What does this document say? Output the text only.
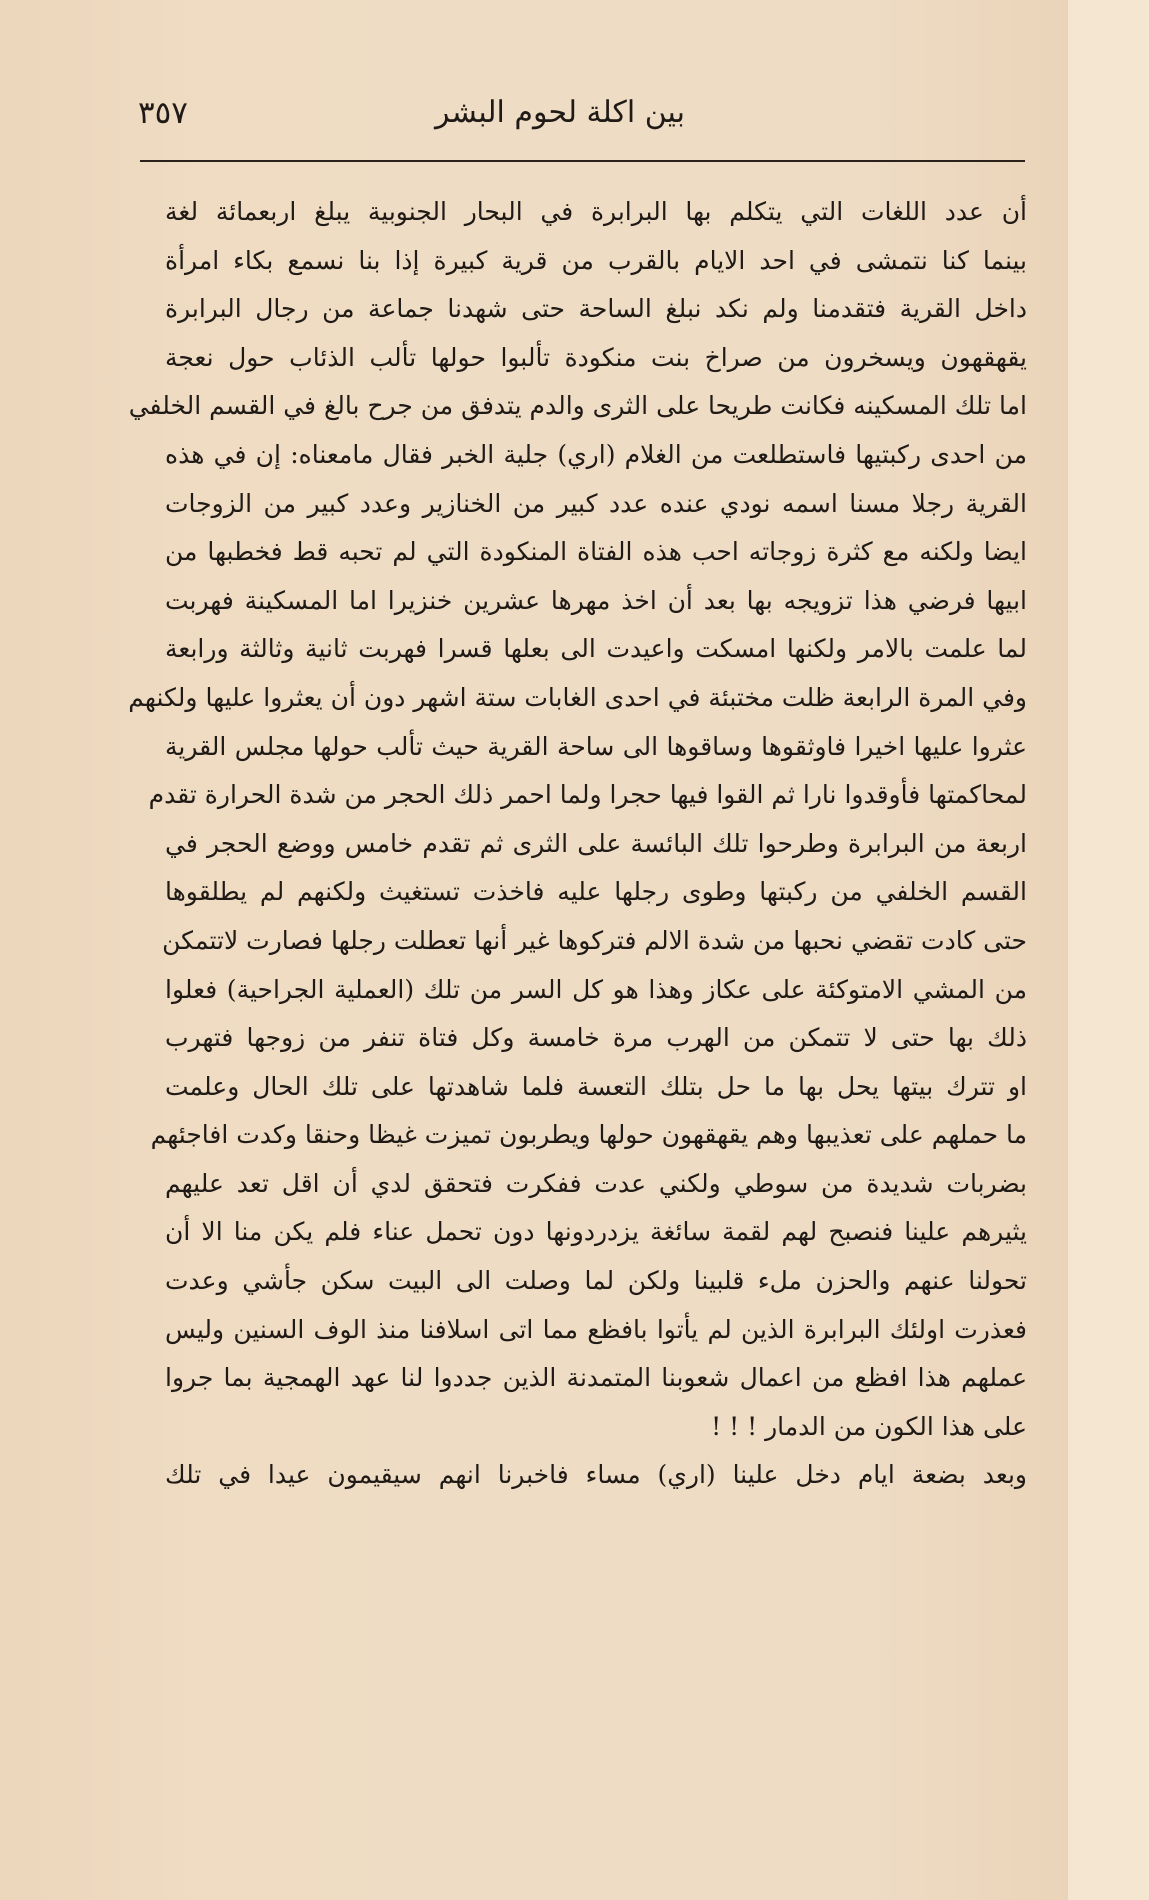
بين اكلة لحوم البشر
٣٥٧
أن عدد اللغات التي يتكلم بها البرابرة في البحار الجنوبية يبلغ اربعمائة لغة
بينما كنا نتمشى في احد الايام بالقرب من قرية كبيرة إذا بنا نسمع بكاء امرأة
داخل القرية فتقدمنا ولم نكد نبلغ الساحة حتى شهدنا جماعة من رجال البرابرة
يقهقهون ويسخرون من صراخ بنت منكودة تألبوا حولها تألب الذئاب حول نعجة
اما تلك المسكينه فكانت طريحا على الثرى والدم يتدفق من جرح بالغ في القسم الخلفي
من احدى ركبتيها فاستطلعت من الغلام (اري) جلية الخبر فقال مامعناه: إن في هذه
القرية رجلا مسنا اسمه نودي عنده عدد كبير من الخنازير وعدد كبير من الزوجات
ايضا ولكنه مع كثرة زوجاته احب هذه الفتاة المنكودة التي لم تحبه قط فخطبها من
ابيها فرضي هذا تزويجه بها بعد أن اخذ مهرها عشرين خنزيرا اما المسكينة فهربت
لما علمت بالامر ولكنها امسكت واعيدت الى بعلها قسرا فهربت ثانية وثالثة ورابعة
وفي المرة الرابعة ظلت مختبئة في احدى الغابات ستة اشهر دون أن يعثروا عليها ولكنهم
عثروا عليها اخيرا فاوثقوها وساقوها الى ساحة القرية حيث تألب حولها مجلس القرية
لمحاكمتها فأوقدوا نارا ثم القوا فيها حجرا ولما احمر ذلك الحجر من شدة الحرارة تقدم
اربعة من البرابرة وطرحوا تلك البائسة على الثرى ثم تقدم خامس ووضع الحجر في
القسم الخلفي من ركبتها وطوى رجلها عليه فاخذت تستغيث ولكنهم لم يطلقوها
حتى كادت تقضي نحبها من شدة الالم فتركوها غير أنها تعطلت رجلها فصارت لاتتمكن
من المشي الامتوكئة على عكاز وهذا هو كل السر من تلك (العملية الجراحية) فعلوا
ذلك بها حتى لا تتمكن من الهرب مرة خامسة وكل فتاة تنفر من زوجها فتهرب
او تترك بيتها يحل بها ما حل بتلك التعسة فلما شاهدتها على تلك الحال وعلمت
ما حملهم على تعذيبها وهم يقهقهون حولها ويطربون تميزت غيظا وحنقا وكدت افاجئهم
بضربات شديدة من سوطي ولكني عدت ففكرت فتحقق لدي أن اقل تعد عليهم
يثيرهم علينا فنصبح لهم لقمة سائغة يزدردونها دون تحمل عناء فلم يكن منا الا أن
تحولنا عنهم والحزن ملء قلبينا ولكن لما وصلت الى البيت سكن جأشي وعدت
فعذرت اولئك البرابرة الذين لم يأتوا بافظع مما اتى اسلافنا منذ الوف السنين وليس
عملهم هذا افظع من اعمال شعوبنا المتمدنة الذين جددوا لنا عهد الهمجية بما جروا
على هذا الكون من الدمار ! ! !
وبعد بضعة ايام دخل علينا (اري) مساء فاخبرنا انهم سيقيمون عيدا في تلك
